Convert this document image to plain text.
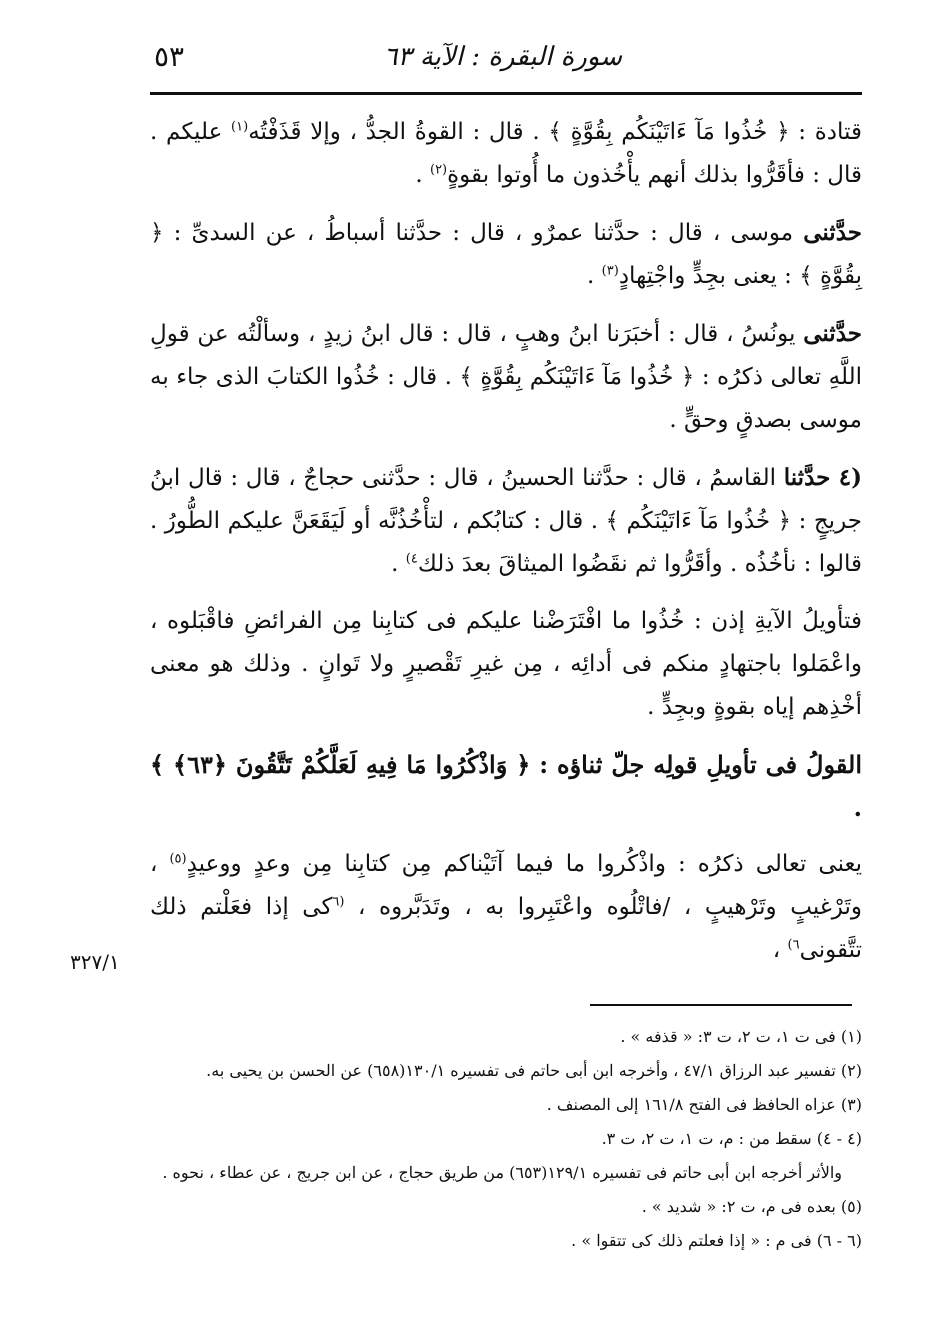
سورة البقرة : الآية ٦٣
٥٣

قتادة : ﴿ خُذُوا مَآ ءَاتَيْنَكُم بِقُوَّةٍ ﴾ . قال : القوةُ الجدُّ ، وإلا قَذَفْتُه$^{(١)}$ عليكم . قال : فأقَرُّوا بذلك أنهم يأْخُذون ما أُوتوا بقوةٍ$^{(٢)}$ .

حدَّثنى موسى ، قال : حدَّثنا عمرٌو ، قال : حدَّثنا أسباطُ ، عن السدىِّ : ﴿ بِقُوَّةٍ ﴾ : يعنى بجِدٍّ واجْتِهادٍ$^{(٣)}$ .

حدَّثنى يونُسُ ، قال : أخبَرَنا ابنُ وهبٍ ، قال : قال ابنُ زيدٍ ، وسألْتُه عن قولِ اللَّهِ تعالى ذكرُه : ﴿ خُذُوا مَآ ءَاتَيْنَكُم بِقُوَّةٍ ﴾ . قال : خُذُوا الكتابَ الذى جاء به موسى بصدقٍ وحقٍّ .

(٤ حدَّثنا القاسمُ ، قال : حدَّثنا الحسينُ ، قال : حدَّثنى حجاجٌ ، قال : قال ابنُ جريجٍ : ﴿ خُذُوا مَآ ءَاتَيْنَكُم ﴾ . قال : كتابُكم ، لتأْخُذُنَّه أو لَيَقَعَنَّ عليكم الطُّورُ . قالوا : نأخُذُه . وأقَرُّوا ثم نقَضُوا الميثاقَ بعدَ ذلك$^{٤)}$ .

فتأويلُ الآيةِ إذن : خُذُوا ما افْتَرَضْنا عليكم فى كتابِنا مِن الفرائضِ فاقْبَلوه ، واعْمَلوا باجتهادٍ منكم فى أدائِه ، مِن غيرِ تَقْصيرٍ ولا تَوانٍ . وذلك هو معنى أخْذِهم إياه بقوةٍ وبجِدٍّ .

القولُ فى تأويلِ قولِه جلّ ثناؤه : ﴿ وَاذْكُرُوا مَا فِيهِ لَعَلَّكُمْ تَتَّقُونَ ﴿٦٣﴾ ﴾ .

يعنى تعالى ذكرُه : واذْكُروا ما فيما آتَيْناكم مِن كتابِنا مِن وعدٍ ووعيدٍ$^{(٥)}$ ، وتَرْغيبٍ وتَرْهيبٍ ، /فاتْلُوه واعْتَبِروا به ، وتَدَبَّروه ، $^{(٦}$كى إذا فعَلْتم ذلك تتَّقونى$^{٦)}$ ،

٣٢٧/١

(١) فى ت ١، ت ٢، ت ٣: « قذفه » .

(٢) تفسير عبد الرزاق ٤٧/١ ، وأخرجه ابن أبى حاتم فى تفسيره ١٣٠/١(٦٥٨) عن الحسن بن يحيى به.

(٣) عزاه الحافظ فى الفتح ١٦١/٨ إلى المصنف .

(٤ - ٤) سقط من : م، ت ١، ت ٢، ت ٣.

والأثر أخرجه ابن أبى حاتم فى تفسيره ١٢٩/١(٦٥٣) من طريق حجاج ، عن ابن جريج ، عن عطاء ، نحوه .

(٥) بعده فى م، ت ٢: « شديد » .

(٦ - ٦) فى م : « إذا فعلتم ذلك كى تتقوا » .
